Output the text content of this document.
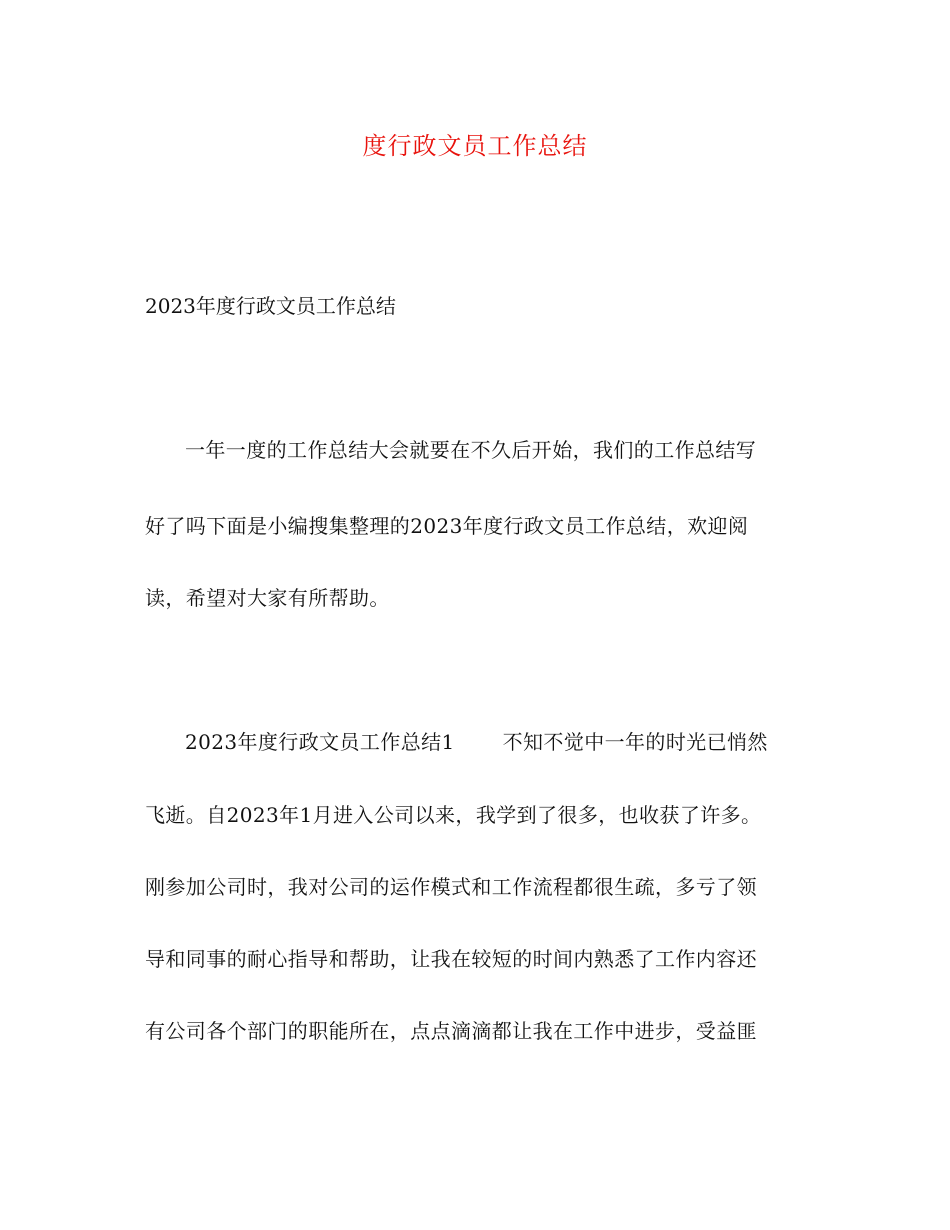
度行政文员工作总结
2023年度行政文员工作总结
一年一度的工作总结大会就要在不久后开始，我们的工作总结写
好了吗下面是小编搜集整理的2023年度行政文员工作总结，欢迎阅
读，希望对大家有所帮助。
2023年度行政文员工作总结1 不知不觉中一年的时光已悄然
飞逝。自2023年1月进入公司以来，我学到了很多，也收获了许多。
刚参加公司时，我对公司的运作模式和工作流程都很生疏，多亏了领
导和同事的耐心指导和帮助，让我在较短的时间内熟悉了工作内容还
有公司各个部门的职能所在，点点滴滴都让我在工作中进步，受益匪
